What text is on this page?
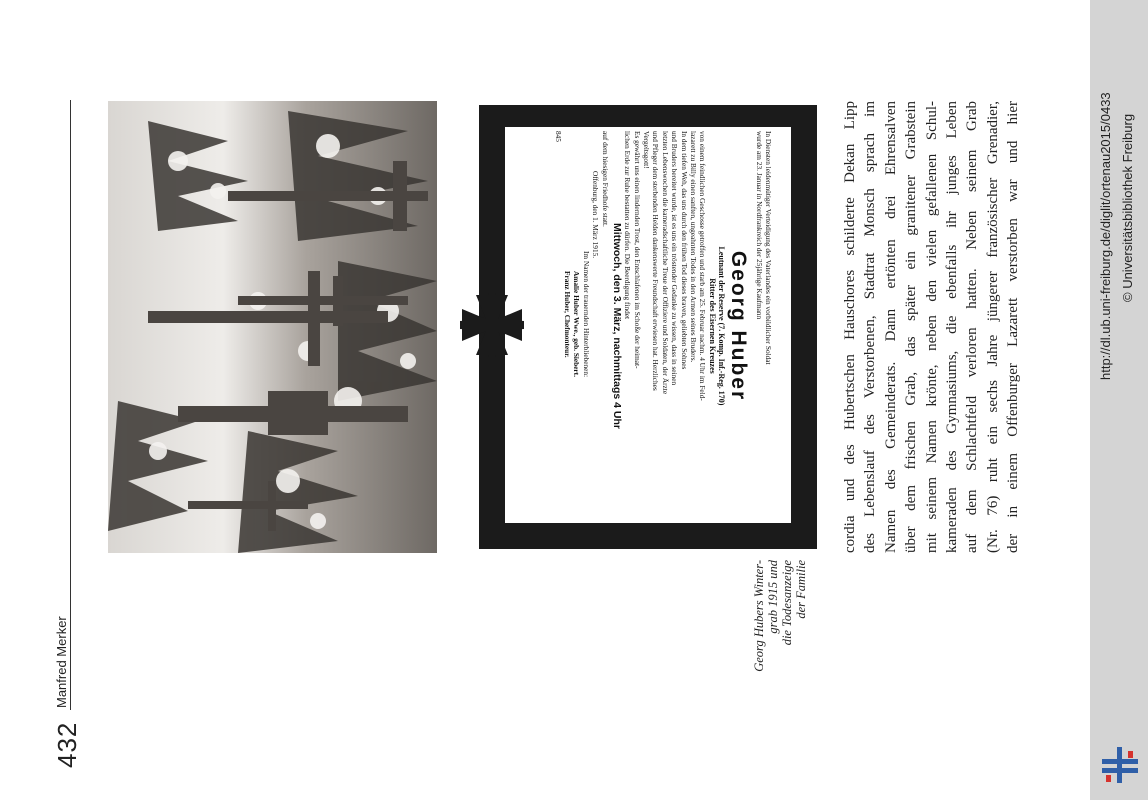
432
Manfred Merker	Georg Hubers Winter- grab 1915 und die Todesanzeige der Familie
In Diensten leidenmütiger Verteidigung des Vaterlandes ein vorbildlicher Soldat
wurde am 23. Januar in Nordfrankreich der 25jährige Kaufmann
Georg Huber
Leutnant der Reserve (7. Komp. Inf.-Reg. 170)
Ritter des Eisernen Kreuzes
von einem feindlichen Geschosse getroffen und starb am 25. Februar nachm. 4 Uhr im Feld-
lazarett zu Billy einen sanften, ungeahnten Todes in den Armen seines Bruders.
In dem tiefen Weh, das uns durch den frühen Tod dieses braven, geliebten Sohnes
und Bruders bereitet wurde, ist es uns ein tröstender Gedanke zu wissen, dass in seinen
letzten Lebenswochen die kameradschaftliche Treue der Offiziere und Soldaten, der Ärzte
und Pfleger dem sterbenden Helden dankenswerte Freundschaft erwiesen hat. Herzliches
Vergeltsgott!
Es gewährt uns einen lindernden Trost, den Entschlafenen im Schoße der heimat-
lichen Erde zur Ruhe bestatten zu dürfen. Die Beerdigung findet
Mittwoch, den 3. März, nachmittags 4 Uhr
auf dem hiesigen Friedhofe statt.
Offenburg, den 1. März 1915.
Im Namen der trauernden Hinterbliebenen:
Amalie Huber Wwe., geb. Siebert.
Franz Huber, Chefmonteur.
845	cordia und des Hubertschen Hauschores schilderte Dekan Lipp des Lebenslauf des Verstorbenen, Stadtrat Monsch sprach im Namen des Gemeinderats. Dann ertönten drei Ehrensalven über dem frischen Grab, das später ein granitener Grabstein mit seinem Namen krönte, neben den vielen gefallenen Schul- kameraden des Gymnasiums, die ebenfalls ihr junges Leben auf dem Schlachtfeld verloren hatten. Neben seinem Grab (Nr. 76) ruht ein sechs Jahre jüngerer französischer Grenadier, der in einem Offenburger Lazarett verstorben war und hier	http://dl.ub.uni-freiburg.de/diglit/ortenau2015/0433 © Universitätsbibliothek Freiburg
